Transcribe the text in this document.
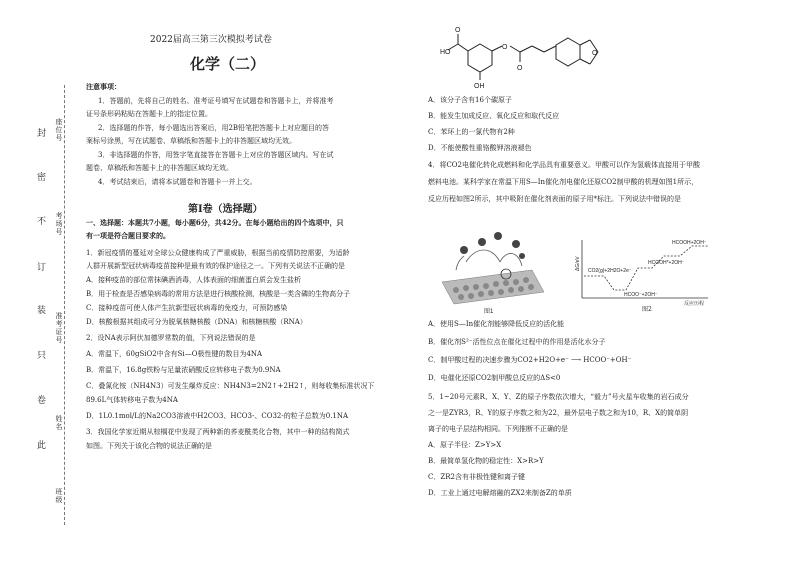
封
密
不
订
装
只
卷
此
座位号
考场号
准考证号
姓名
班级
2022届高三第三次模拟考试卷
化学（二）
注意事项：
1．答题前，先将自己的姓名、准考证号填写在试题卷和答题卡上，并将准考
证号条形码粘贴在答题卡上的指定位置。
2．选择题的作答，每小题选出答案后，用2B铅笔把答题卡上对应题目的答
案标号涂黑，写在试题卷、草稿纸和答题卡上的非答题区域均无效。
3．非选择题的作答，用签字笔直接答在答题卡上对应的答题区域内。写在试
题卷、草稿纸和答题卡上的非答题区域均无效。
4．考试结束后，请将本试题卷和答题卡一并上交。
第Ⅰ卷（选择题）
一、选择题：本题共7小题，每小题6分，共42分。在每小题给出的四个选项中，只
有一项是符合题目要求的。
1．新冠疫情的蔓延对全球公众健康构成了严重威胁，根据当前疫情防控需要，为适龄
人群开展新型冠状病毒疫苗接种是最有效的保护途径之一。下列有关说法不正确的是
A．接种疫苗的部位常抹碘酒消毒，人体表面的细菌蛋白质会发生盐析
B．用于检查是否感染病毒的常用方法是进行核酸检测，核酸是一类含磷的生物高分子
C．接种疫苗可使人体产生抗新型冠状病毒的免疫力，可预防感染
D．核酸根据其组成可分为脱氧核糖核酸（DNA）和核糖核酸（RNA）
2．设NA表示阿伏加德罗常数的值，下列说法错误的是
A．常温下，60gSiO2中含有Si—O极性键的数目为4NA
B．常温下，16.8g铁粉与足量浓硝酸反应转移电子数为0.9NA
C．叠氮化铵（NH4N3）可发生爆炸反应：NH4N3=2N2↑+2H2↑，则每收集标准状况下
89.6L气体转移电子数为4NA
D．1L0.1mol/L的Na2CO3溶液中H2CO3、HCO3-、CO32-的粒子总数为0.1NA
3．我国化学家近期从棕榈花中发现了两种新的荞麦酰类化合物，其中一种的结构简式
如图。下列关于该化合物的说法正确的是
HO
O
O
OH
O
O
A．该分子含有16个碳原子
B．能发生加成反应、氧化反应和取代反应
C．苯环上的一氯代物有2种
D．不能使酸性重铬酸钾溶液褪色
4．将CO2电催化转化成燃料和化学品具有重要意义。甲酸可以作为氢载体直接用于甲酸
燃料电池。某科学家在常温下用S—In催化剂电催化还原CO2制甲酸的机理如图1所示，
反应历程如图2所示，其中吸附在催化剂表面的原子用*标注。下列说法中错误的是
图1
ΔG/eV CO2(g)+2H2O+2e⁻
HCOO⁻+2OH⁻
HCOOH*+2OH⁻
HCOOH+2OH⁻
反应历程
图2
A．使用S—In催化剂能够降低反应的活化能
B．催化剂S²⁻活性位点在催化过程中的作用是活化水分子
C．制甲酸过程的决速步骤为CO2+H2O+e⁻ ⟶ HCOO⁻+OH⁻
D．电催化还原CO2制甲酸总反应的ΔS<0
5．1~20号元素R、X、Y、Z的原子序数依次增大，“毅力”号火星车收集的岩石成分
之一是ZYR3，R、Y的原子序数之和为22，最外层电子数之和为10，R、X的简单阴
离子的电子层结构相同。下列推断不正确的是
A．原子半径：Z>Y>X
B．最简单氢化物的稳定性：X>R>Y
C．ZR2含有非极性键和离子键
D．工业上通过电解熔融的ZX2来制备Z的单质
